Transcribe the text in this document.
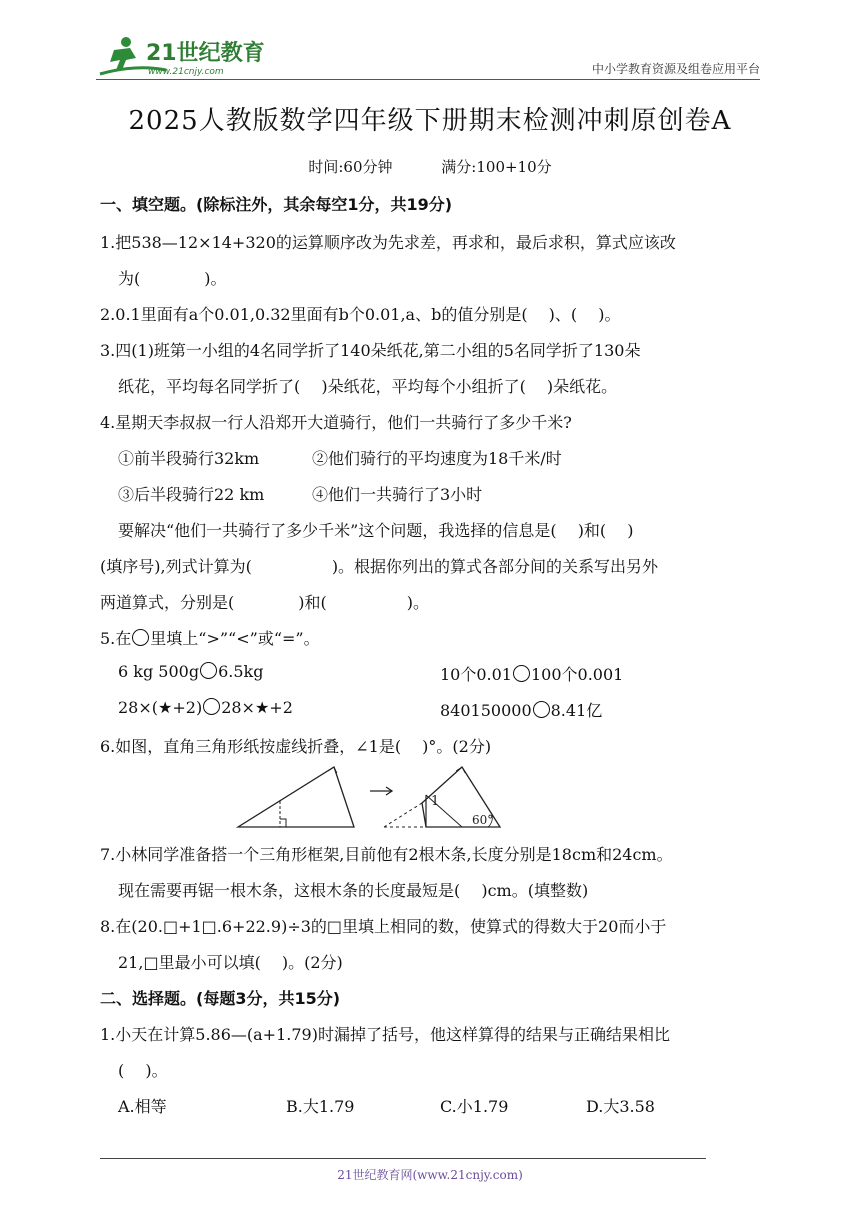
21世纪教育
www.21cnjy.com	中小学教育资源及组卷应用平台
2025人教版数学四年级下册期末检测冲刺原创卷A
时间:60分钟	满分:100+10分
一、填空题。(除标注外，其余每空1分，共19分)
1.把538—12×14+320的运算顺序改为先求差，再求和，最后求积，算式应该改
为(　　　　)。
2.0.1里面有a个0.01,0.32里面有b个0.01,a、b的值分别是(　 )、(　 )。
3.四(1)班第一小组的4名同学折了140朵纸花,第二小组的5名同学折了130朵
纸花，平均每名同学折了(　 )朵纸花，平均每个小组折了(　 )朵纸花。
4.星期天李叔叔一行人沿郑开大道骑行，他们一共骑行了多少千米?
①前半段骑行32km	②他们骑行的平均速度为18千米/时
③后半段骑行22 km	④他们一共骑行了3小时
要解决“他们一共骑行了多少千米”这个问题，我选择的信息是(　 )和(　 )
(填序号),列式计算为(　　　　　)。根据你列出的算式各部分间的关系写出另外
两道算式，分别是(　　　　)和(　　　　　)。
5.在 里填上“>”“<”或“=”。
6 kg 500g 6.5kg	10个0.01 100个0.001
28×(★+2) 28×★+2	840150000 8.41亿
6.如图，直角三角形纸按虚线折叠，∠1是(　 )°。(2分)
1
60°
7.小林同学准备搭一个三角形框架,目前他有2根木条,长度分别是18cm和24cm。
现在需要再锯一根木条，这根木条的长度最短是(　 )cm。(填整数)
8.在(20.□+1□.6+22.9)÷3的□里填上相同的数，使算式的得数大于20而小于
21,□里最小可以填(　 )。(2分)
二、选择题。(每题3分，共15分)
1.小天在计算5.86—(a+1.79)时漏掉了括号，他这样算得的结果与正确结果相比
(　 )。
A.相等	B.大1.79	C.小1.79	D.大3.58
21世纪教育网(www.21cnjy.com)
